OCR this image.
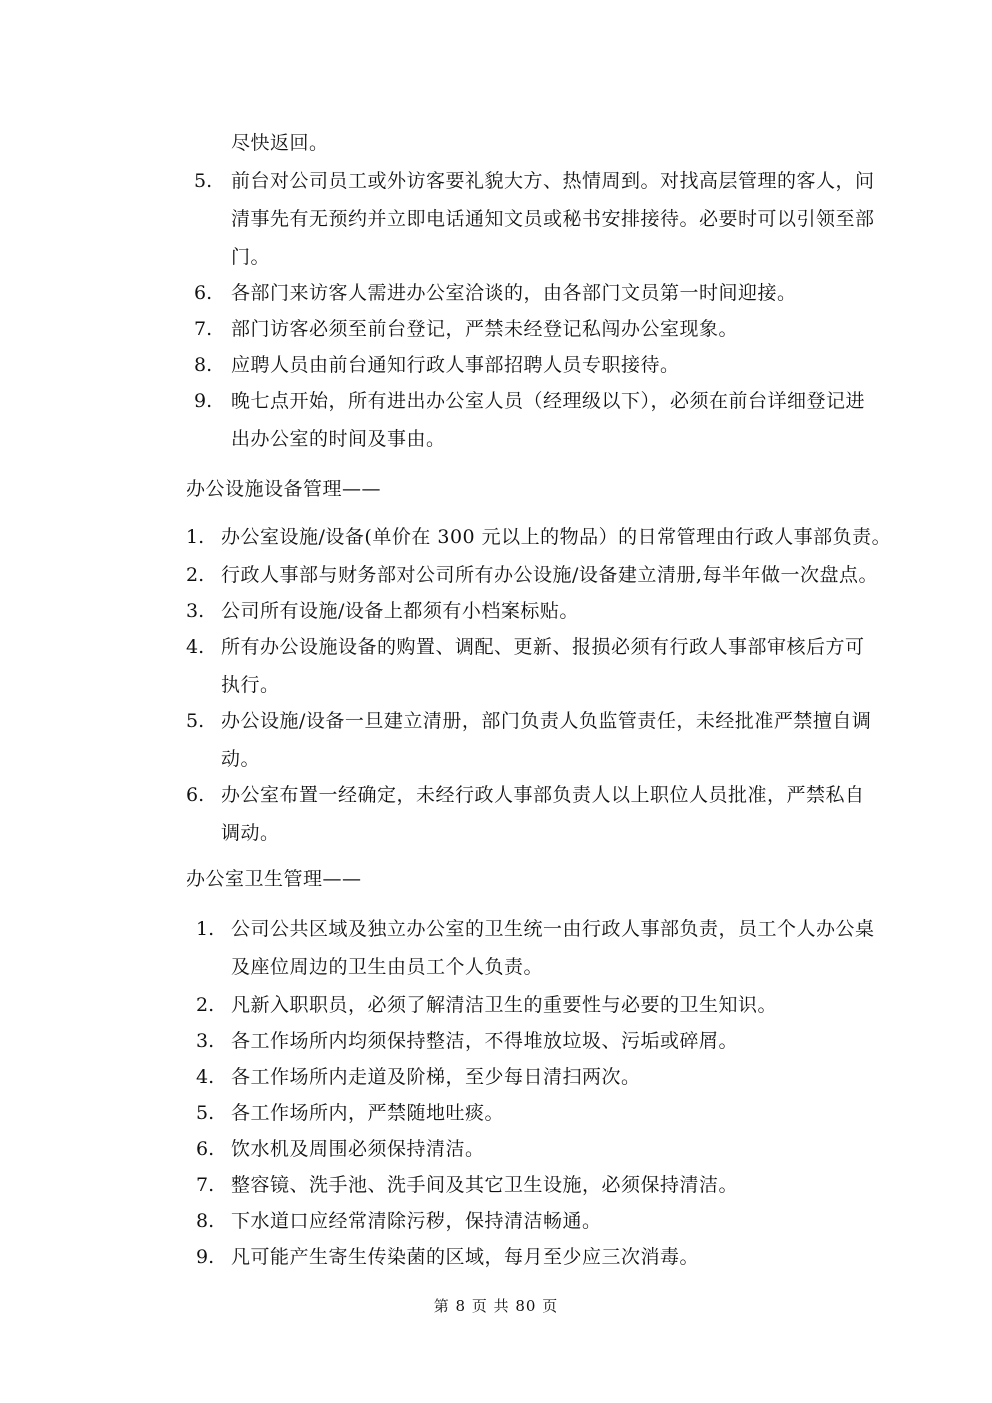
尽快返回。
5. 前台对公司员工或外访客要礼貌大方、热情周到。对找高层管理的客人，问
清事先有无预约并立即电话通知文员或秘书安排接待。必要时可以引领至部
门。
6. 各部门来访客人需进办公室洽谈的，由各部门文员第一时间迎接。
7. 部门访客必须至前台登记，严禁未经登记私闯办公室现象。
8. 应聘人员由前台通知行政人事部招聘人员专职接待。
9. 晚七点开始，所有进出办公室人员（经理级以下），必须在前台详细登记进
出办公室的时间及事由。
办公设施设备管理——
1. 办公室设施/设备(单价在 300 元以上的物品）的日常管理由行政人事部负责。
2. 行政人事部与财务部对公司所有办公设施/设备建立清册,每半年做一次盘点。
3. 公司所有设施/设备上都须有小档案标贴。
4. 所有办公设施设备的购置、调配、更新、报损必须有行政人事部审核后方可
执行。
5. 办公设施/设备一旦建立清册，部门负责人负监管责任，未经批准严禁擅自调
动。
6. 办公室布置一经确定，未经行政人事部负责人以上职位人员批准，严禁私自
调动。
办公室卫生管理——
1. 公司公共区域及独立办公室的卫生统一由行政人事部负责，员工个人办公桌
及座位周边的卫生由员工个人负责。
2. 凡新入职职员，必须了解清洁卫生的重要性与必要的卫生知识。
3. 各工作场所内均须保持整洁，不得堆放垃圾、污垢或碎屑。
4. 各工作场所内走道及阶梯，至少每日清扫两次。
5. 各工作场所内，严禁随地吐痰。
6. 饮水机及周围必须保持清洁。
7. 整容镜、洗手池、洗手间及其它卫生设施，必须保持清洁。
8. 下水道口应经常清除污秽，保持清洁畅通。
9. 凡可能产生寄生传染菌的区域，每月至少应三次消毒。
第 8 页 共 80 页
